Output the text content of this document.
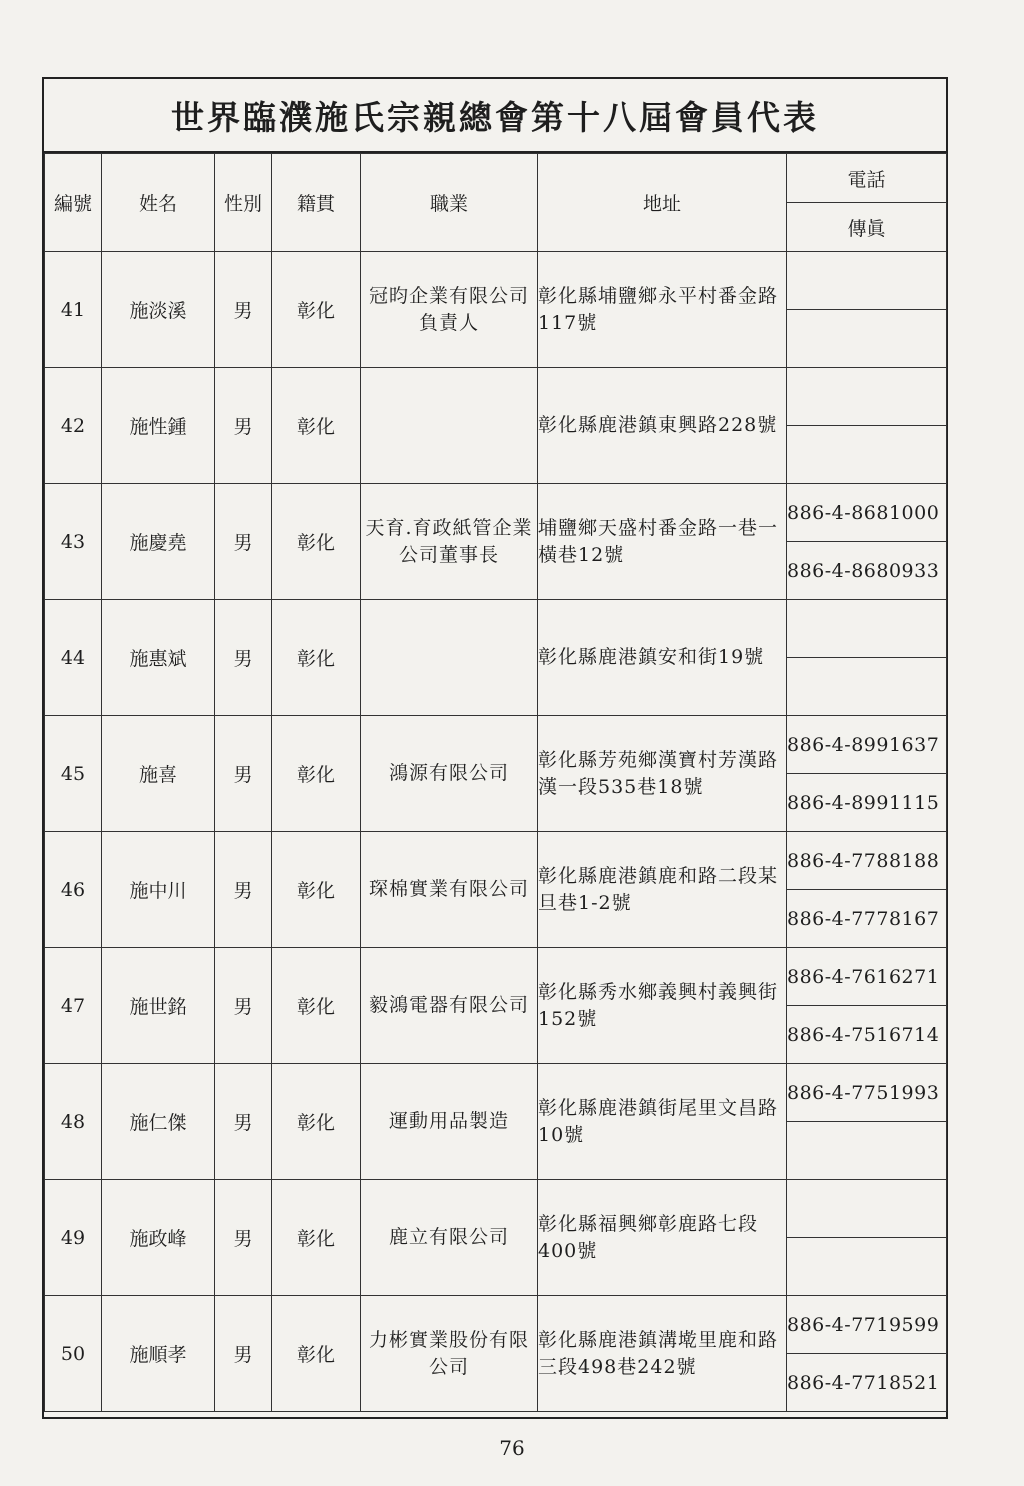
世界臨濮施氏宗親總會第十八屆會員代表
編號	姓名	性別	籍貫	職業	地址	電話
						傳眞
41	施淡溪	男	彰化	冠昀企業有限公司負責人	彰化縣埔鹽鄉永平村番金路117號	

42	施性鍾	男	彰化		彰化縣鹿港鎮東興路228號	

43	施慶堯	男	彰化	天育.育政紙管企業公司董事長	埔鹽鄉天盛村番金路一巷一橫巷12號	886-4-8681000
						886-4-8680933
44	施惠斌	男	彰化		彰化縣鹿港鎮安和街19號	

45	施喜	男	彰化	鴻源有限公司	彰化縣芳苑鄉漢寶村芳漢路漢一段535巷18號	886-4-8991637
						886-4-8991115
46	施中川	男	彰化	琛棉實業有限公司	彰化縣鹿港鎮鹿和路二段某旦巷1-2號	886-4-7788188
						886-4-7778167
47	施世銘	男	彰化	毅鴻電器有限公司	彰化縣秀水鄉義興村義興街152號	886-4-7616271
						886-4-7516714
48	施仁傑	男	彰化	運動用品製造	彰化縣鹿港鎮街尾里文昌路10號	886-4-7751993

49	施政峰	男	彰化	鹿立有限公司	彰化縣福興鄉彰鹿路七段400號	

50	施順孝	男	彰化	力彬實業股份有限公司	彰化縣鹿港鎮溝墘里鹿和路三段498巷242號	886-4-7719599
						886-4-7718521
76
